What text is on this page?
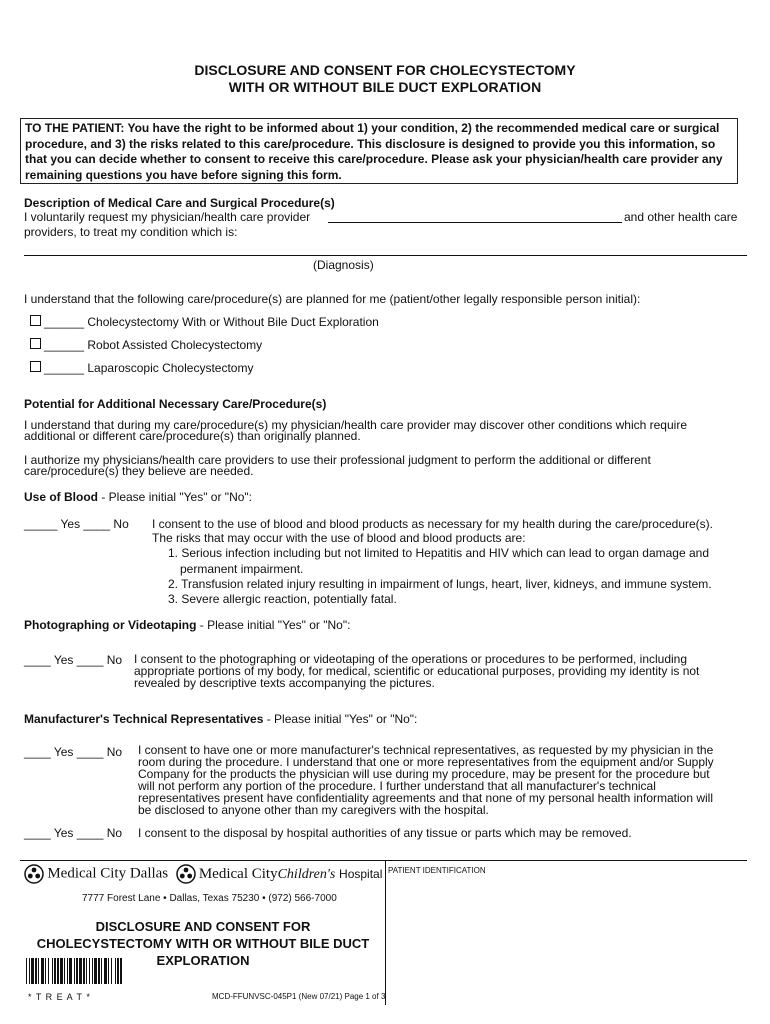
DISCLOSURE AND CONSENT FOR CHOLECYSTECTOMY
WITH OR WITHOUT BILE DUCT EXPLORATION
TO THE PATIENT: You have the right to be informed about 1) your condition, 2) the recommended medical care or surgical procedure, and 3) the risks related to this care/procedure. This disclosure is designed to provide you this information, so that you can decide whether to consent to receive this care/procedure. Please ask your physician/health care provider any remaining questions you have before signing this form.
Description of Medical Care and Surgical Procedure(s)
I voluntarily request my physician/health care provider	and other health care
providers, to treat my condition which is:
(Diagnosis)
I understand that the following care/procedure(s) are planned for me (patient/other legally responsible person initial):
______ Cholecystectomy With or Without Bile Duct Exploration
______ Robot Assisted Cholecystectomy
______ Laparoscopic Cholecystectomy
Potential for Additional Necessary Care/Procedure(s)
I understand that during my care/procedure(s) my physician/health care provider may discover other conditions which require
additional or different care/procedure(s) than originally planned.
I authorize my physicians/health care providers to use their professional judgment to perform the additional or different
care/procedure(s) they believe are needed.
Use of Blood - Please initial "Yes" or "No":
_____ Yes ____ No I consent to the use of blood and blood products as necessary for my health during the care/procedure(s).
The risks that may occur with the use of blood and blood products are:
1. Serious infection including but not limited to Hepatitis and HIV which can lead to organ damage and
permanent impairment.
2. Transfusion related injury resulting in impairment of lungs, heart, liver, kidneys, and immune system.
3. Severe allergic reaction, potentially fatal.
Photographing or Videotaping - Please initial "Yes" or "No":
____ Yes ____ No I consent to the photographing or videotaping of the operations or procedures to be performed, including
appropriate portions of my body, for medical, scientific or educational purposes, providing my identity is not
revealed by descriptive texts accompanying the pictures.
Manufacturer's Technical Representatives - Please initial "Yes" or "No":
____ Yes ____ No I consent to have one or more manufacturer's technical representatives, as requested by my physician in the
room during the procedure. I understand that one or more representatives from the equipment and/or Supply
Company for the products the physician will use during my procedure, may be present for the procedure but
will not perform any portion of the procedure. I further understand that all manufacturer's technical
representatives present have confidentiality agreements and that none of my personal health information will
be disclosed to anyone other than my caregivers with the hospital.
____ Yes ____ No I consent to the disposal by hospital authorities of any tissue or parts which may be removed.
Medical City Dallas Medical CityChildren's Hospital
7777 Forest Lane • Dallas, Texas 75230 • (972) 566-7000
DISCLOSURE AND CONSENT FOR
CHOLECYSTECTOMY WITH OR WITHOUT BILE DUCT
EXPLORATION
* T R E A T *	MCD-FFUNVSC-045P1 (New 07/21) Page 1 of 3
PATIENT IDENTIFICATION
